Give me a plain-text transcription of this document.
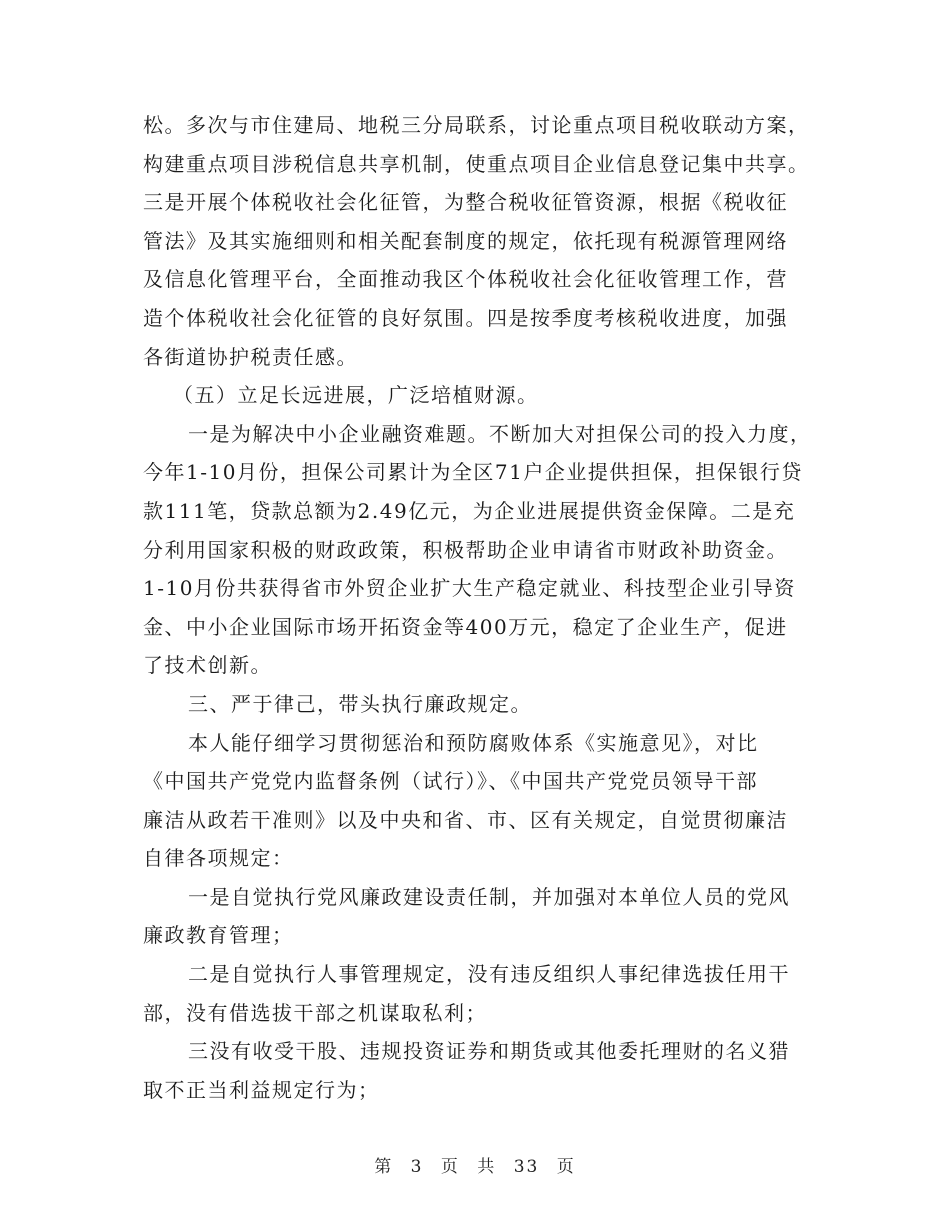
松。多次与市住建局、地税三分局联系，讨论重点项目税收联动方案，
构建重点项目涉税信息共享机制，使重点项目企业信息登记集中共享。
三是开展个体税收社会化征管，为整合税收征管资源，根据《税收征
管法》及其实施细则和相关配套制度的规定，依托现有税源管理网络
及信息化管理平台，全面推动我区个体税收社会化征收管理工作，营
造个体税收社会化征管的良好氛围。四是按季度考核税收进度，加强
各街道协护税责任感。
（五）立足长远进展，广泛培植财源。
一是为解决中小企业融资难题。不断加大对担保公司的投入力度，
今年1-10月份，担保公司累计为全区71户企业提供担保，担保银行贷
款111笔，贷款总额为2.49亿元，为企业进展提供资金保障。二是充
分利用国家积极的财政政策，积极帮助企业申请省市财政补助资金。
1-10月份共获得省市外贸企业扩大生产稳定就业、科技型企业引导资
金、中小企业国际市场开拓资金等400万元，稳定了企业生产，促进
了技术创新。
三、严于律己，带头执行廉政规定。
本人能仔细学习贯彻惩治和预防腐败体系《实施意见》，对比
《中国共产党党内监督条例（试行）》、《中国共产党党员领导干部
廉洁从政若干准则》以及中央和省、市、区有关规定，自觉贯彻廉洁
自律各项规定：
一是自觉执行党风廉政建设责任制，并加强对本单位人员的党风
廉政教育管理；
二是自觉执行人事管理规定，没有违反组织人事纪律选拔任用干
部，没有借选拔干部之机谋取私利；
三没有收受干股、违规投资证券和期货或其他委托理财的名义猎
取不正当利益规定行为；
第 3 页 共 33 页
